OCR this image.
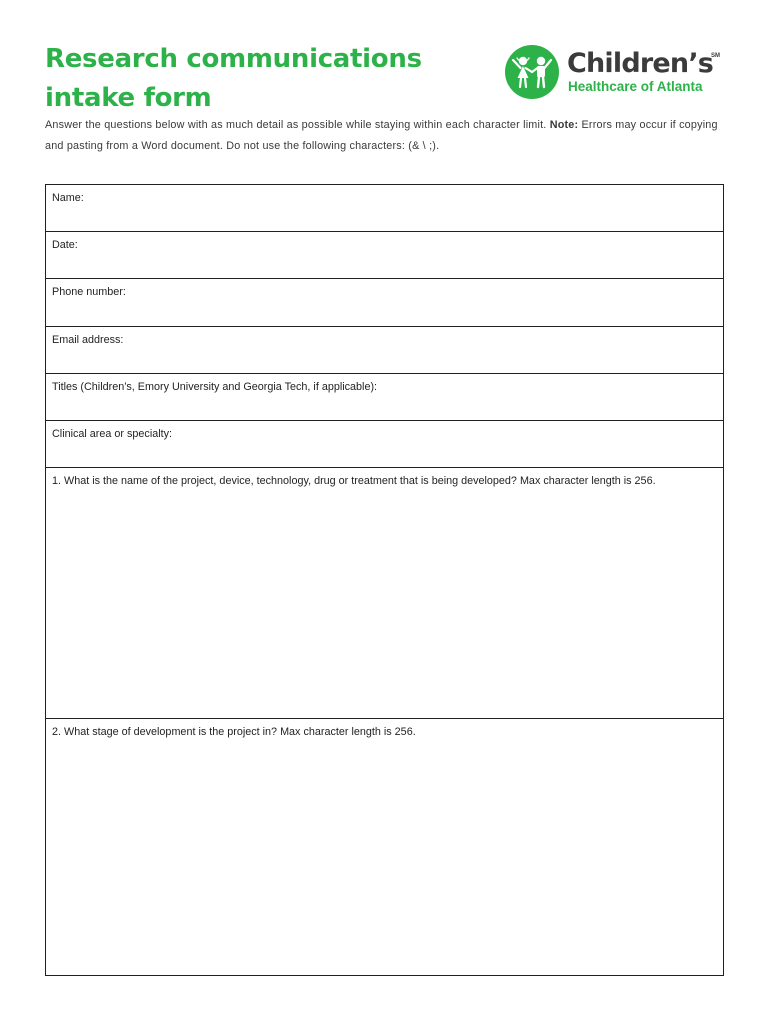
Research communications
intake form
Children’s
SM
Healthcare of Atlanta
Answer the questions below with as much detail as possible while staying within each character limit. Note: Errors may occur if copying and pasting from a Word document. Do not use the following characters: (& \ ;).
Name:
Date:
Phone number:
Email address:
Titles (Children’s, Emory University and Georgia Tech, if applicable):
Clinical area or specialty:
1. What is the name of the project, device, technology, drug or treatment that is being developed? Max character length is 256.
2. What stage of development is the project in? Max character length is 256.
